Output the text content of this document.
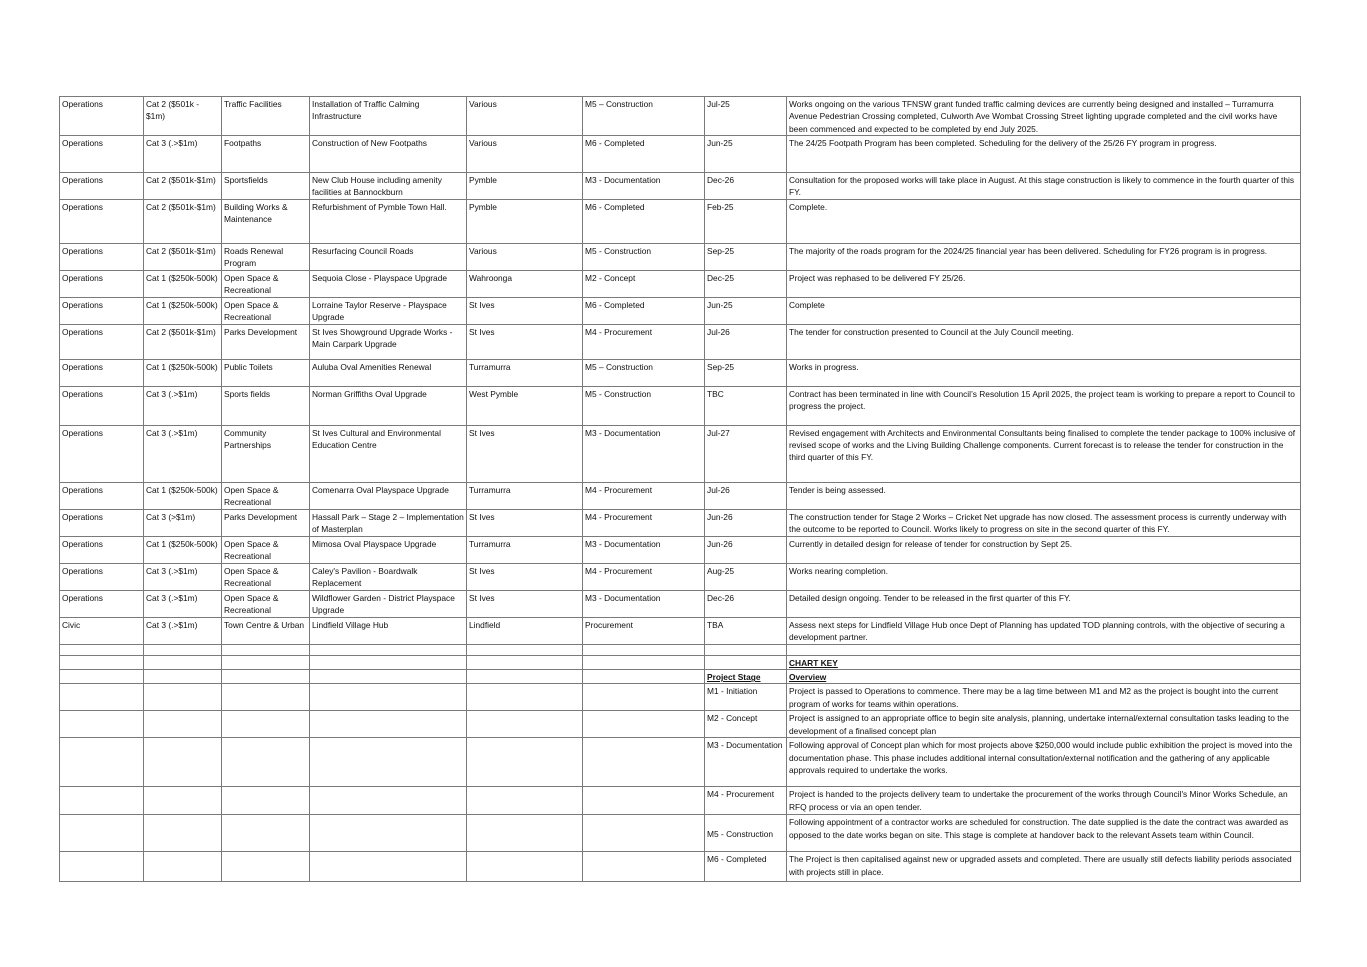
Operations	Cat 2 ($501k - $1m)	Traffic Facilities	Installation of Traffic Calming Infrastructure	Various	M5 – Construction	Jul-25	Works ongoing on the various TFNSW grant funded traffic calming devices are currently being designed and installed – Turramurra Avenue Pedestrian Crossing completed, Culworth Ave Wombat Crossing Street lighting upgrade completed and the civil works have been commenced and expected to be completed by end July 2025.
Operations	Cat 3 (.>$1m)	Footpaths	Construction of New Footpaths	Various	M6 - Completed	Jun-25	The 24/25 Footpath Program has been completed. Scheduling for the delivery of the 25/26 FY program in progress.
Operations	Cat 2 ($501k-$1m)	Sportsfields	New Club House including amenity facilities at Bannockburn	Pymble	M3 - Documentation	Dec-26	Consultation for the proposed works will take place in August. At this stage construction is likely to commence in the fourth quarter of this FY.
Operations	Cat 2 ($501k-$1m)	Building Works & Maintenance	Refurbishment of Pymble Town Hall.	Pymble	M6 - Completed	Feb-25	Complete.
Operations	Cat 2 ($501k-$1m)	Roads Renewal Program	Resurfacing Council Roads	Various	M5 - Construction	Sep-25	The majority of the roads program for the 2024/25 financial year has been delivered. Scheduling for FY26 program is in progress.
Operations	Cat 1 ($250k-500k)	Open Space & Recreational	Sequoia Close - Playspace Upgrade	Wahroonga	M2 - Concept	Dec-25	Project was rephased to be delivered FY 25/26.
Operations	Cat 1 ($250k-500k)	Open Space & Recreational	Lorraine Taylor Reserve - Playspace Upgrade	St Ives	M6 - Completed	Jun-25	Complete
Operations	Cat 2 ($501k-$1m)	Parks Development	St Ives Showground Upgrade Works - Main Carpark Upgrade	St Ives	M4 - Procurement	Jul-26	The tender for construction presented to Council at the July Council meeting.
Operations	Cat 1 ($250k-500k)	Public Toilets	Auluba Oval Amenities Renewal	Turramurra	M5 – Construction	Sep-25	Works in progress.
Operations	Cat 3 (.>$1m)	Sports fields	Norman Griffiths Oval Upgrade	West Pymble	M5 - Construction	TBC	Contract has been terminated in line with Council’s Resolution 15 April 2025, the project team is working to prepare a report to Council to progress the project.
Operations	Cat 3 (.>$1m)	Community Partnerships	St Ives Cultural and Environmental Education Centre	St Ives	M3 - Documentation	Jul-27	Revised engagement with Architects and Environmental Consultants being finalised to complete the tender package to 100% inclusive of revised scope of works and the Living Building Challenge components. Current forecast is to release the tender for construction in the third quarter of this FY.
Operations	Cat 1 ($250k-500k)	Open Space & Recreational	Comenarra Oval Playspace Upgrade	Turramurra	M4 - Procurement	Jul-26	Tender is being assessed.
Operations	Cat 3 (>$1m)	Parks Development	Hassall Park – Stage 2 – Implementation of Masterplan	St Ives	M4 - Procurement	Jun-26	The construction tender for Stage 2 Works – Cricket Net upgrade has now closed. The assessment process is currently underway with the outcome to be reported to Council. Works likely to progress on site in the second quarter of this FY.
Operations	Cat 1 ($250k-500k)	Open Space & Recreational	Mimosa Oval Playspace Upgrade	Turramurra	M3 - Documentation	Jun-26	Currently in detailed design for release of tender for construction by Sept 25.
Operations	Cat 3 (.>$1m)	Open Space & Recreational	Caley's Pavilion - Boardwalk Replacement	St Ives	M4 - Procurement	Aug-25	Works nearing completion.
Operations	Cat 3 (.>$1m)	Open Space & Recreational	Wildflower Garden - District Playspace Upgrade	St Ives	M3 - Documentation	Dec-26	Detailed design ongoing. Tender to be released in the first quarter of this FY.
Civic	Cat 3 (.>$1m)	Town Centre & Urban	Lindfield Village Hub	Lindfield	Procurement	TBA	Assess next steps for Lindfield Village Hub once Dept of Planning has updated TOD planning controls, with the objective of securing a development partner.

							CHART KEY
						Project Stage	Overview
						M1 - Initiation	Project is passed to Operations to commence. There may be a lag time between M1 and M2 as the project is bought into the current program of works for teams within operations.
						M2 - Concept	Project is assigned to an appropriate office to begin site analysis, planning, undertake internal/external consultation tasks leading to the development of a finalised concept plan
						M3 - Documentation	Following approval of Concept plan which for most projects above $250,000 would include public exhibition the project is moved into the documentation phase. This phase includes additional internal consultation/external notification and the gathering of any applicable approvals required to undertake the works.
						M4 - Procurement	Project is handed to the projects delivery team to undertake the procurement of the works through Council's Minor Works Schedule, an RFQ process or via an open tender.
						M5 - Construction	Following appointment of a contractor works are scheduled for construction. The date supplied is the date the contract was awarded as opposed to the date works began on site. This stage is complete at handover back to the relevant Assets team within Council.
						M6 - Completed	The Project is then capitalised against new or upgraded assets and completed. There are usually still defects liability periods associated with projects still in place.
